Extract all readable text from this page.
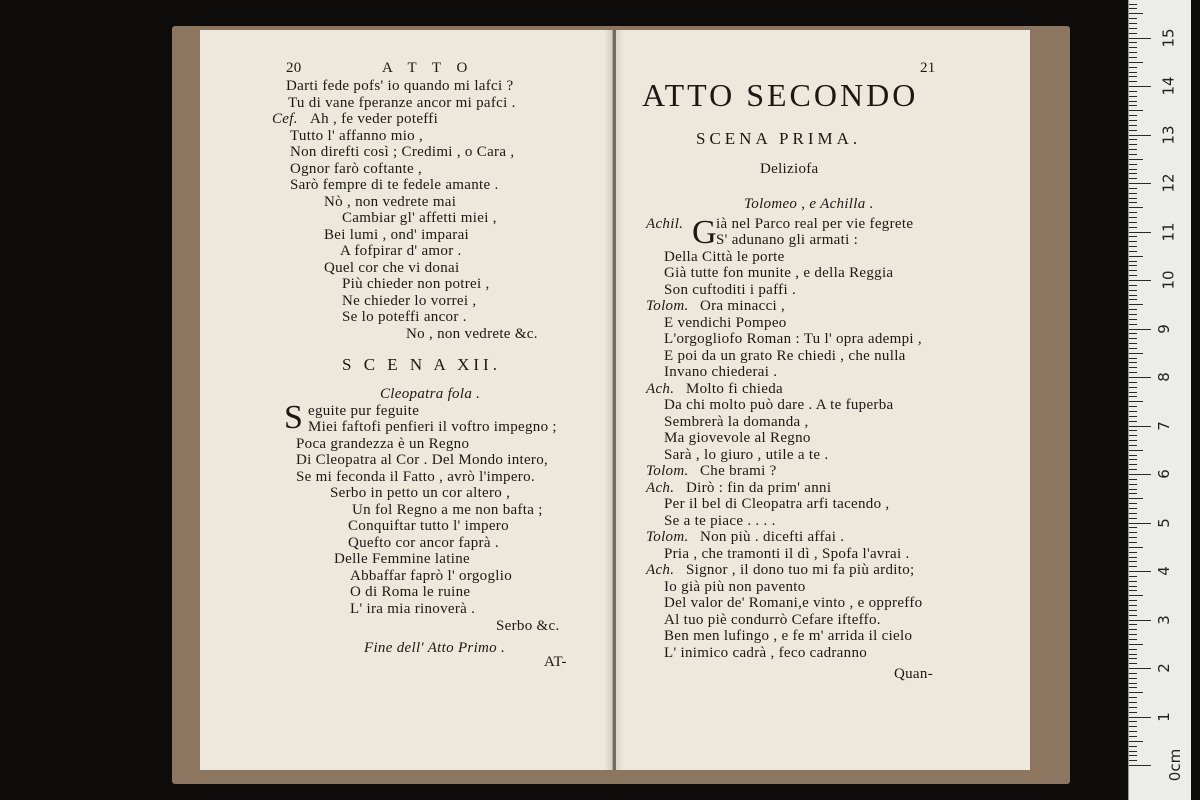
20	A T T O
Darti fede pofs' io quando mi lafci ?
Tu di vane fperanze ancor mi pafci .
Cef. Ah , fe veder poteffi
Tutto l' affanno mio ,
Non direfti così ; Credimi , o Cara ,
Ognor farò coftante ,
Sarò fempre di te fedele amante .
Nò , non vedrete mai
Cambiar gl' affetti miei ,
Bei lumi , ond' imparai
A fofpirar d' amor .
Quel cor che vi donai
Più chieder non potrei ,
Ne chieder lo vorrei ,
Se lo poteffi ancor .
No , non vedrete &c.
S C E N A XII.
Cleopatra fola .
S eguite pur feguite
Miei faftofi penfieri il voftro impegno ;
Poca grandezza è un Regno
Di Cleopatra al Cor . Del Mondo intero,
Se mi feconda il Fatto , avrò l'impero.
Serbo in petto un cor altero ,
Un fol Regno a me non bafta ;
Conquiftar tutto l' impero
Quefto cor ancor faprà .
Delle Femmine latine
Abbaffar faprò l' orgoglio
O di Roma le ruine
L' ira mia rinoverà .
Serbo &c.
Fine dell' Atto Primo .
AT-
21
ATTO SECONDO
SCENA PRIMA.
Deliziofa
Tolomeo , e Achilla .
Achil. G ià nel Parco real per vie fegrete
S' adunano gli armati :
Della Città le porte
Già tutte fon munite , e della Reggia
Son cuftoditi i paffi .
Tolom. Ora minacci ,
E vendichi Pompeo
L'orgogliofo Roman : Tu l' opra adempi ,
E poi da un grato Re chiedi , che nulla
Invano chiederai .
Ach. Molto fi chieda
Da chi molto può dare . A te fuperba
Sembrerà la domanda ,
Ma giovevole al Regno
Sarà , lo giuro , utile a te .
Tolom. Che brami ?
Ach. Dirò : fin da prim' anni
Per il bel di Cleopatra arfi tacendo ,
Se a te piace . . . .
Tolom. Non più . dicefti affai .
Pria , che tramonti il dì , Spofa l'avrai .
Ach. Signor , il dono tuo mi fa più ardito;
Io già più non pavento
Del valor de' Romani,e vinto , e oppreffo
Al tuo piè condurrò Cefare ifteffo.
Ben men lufingo , e fe m' arrida il cielo
L' inimico cadrà , feco cadranno
Quan-
0cm
1
2
3
4
5
6
7
8
9
10
11
12
13
14
15
